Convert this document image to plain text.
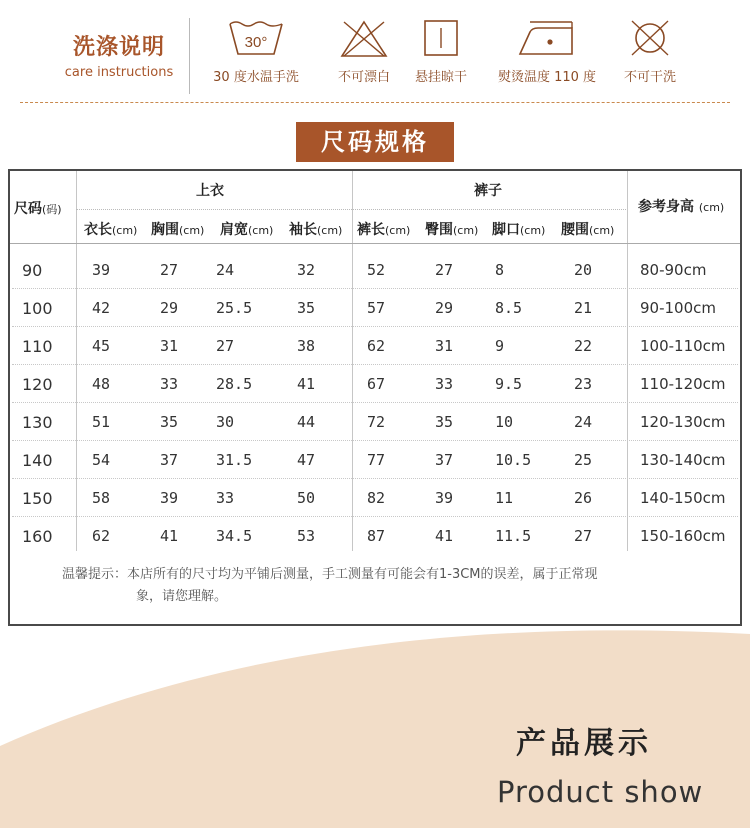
洗涤说明
care instructions
30°
30 度水温手洗	不可漂白	悬挂晾干	熨烫温度 110 度	不可干洗
尺码规格
尺码(码)
上衣	裤子
参考身高 (cm)
衣长(cm) 胸围(cm) 肩宽(cm) 袖长(cm) 裤长(cm) 臀围(cm) 脚口(cm) 腰围(cm)
90	39	27	24	32	52	27	8	20	80-90cm
100	42	29	25.5	35	57	29	8.5	21	90-100cm
110	45	31	27	38	62	31	9	22	100-110cm
120	48	33	28.5	41	67	33	9.5	23	110-120cm
130	51	35	30	44	72	35	10	24	120-130cm
140	54	37	31.5	47	77	37	10.5	25	130-140cm
150	58	39	33	50	82	39	11	26	140-150cm
160	62	41	34.5	53	87	41	11.5	27	150-160cm
温馨提示：本店所有的尺寸均为平铺后测量，手工测量有可能会有1-3CM的误差，属于正常现
象，请您理解。
产品展示
Product show
